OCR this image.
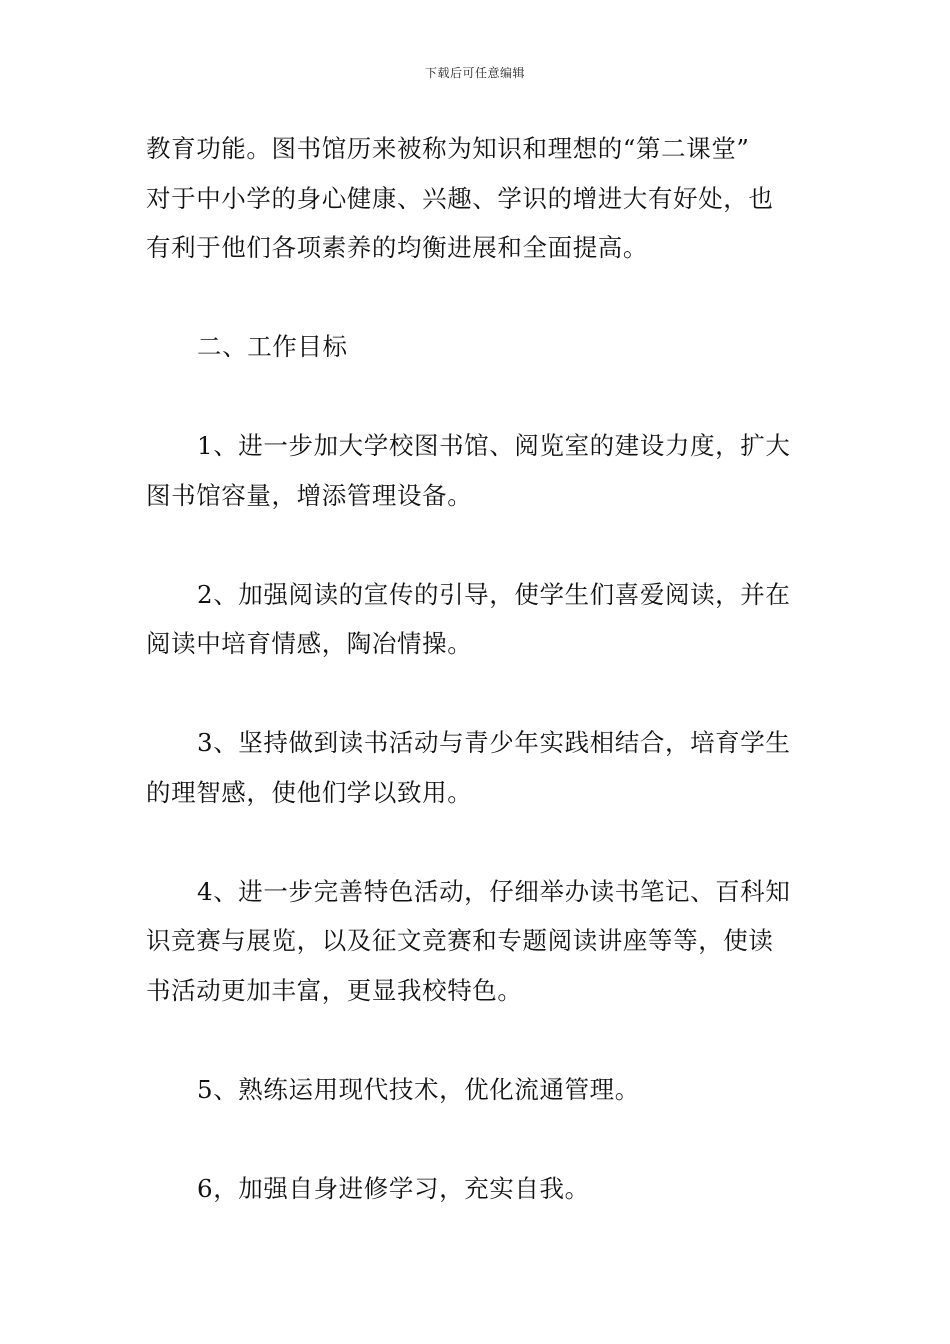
下载后可任意编辑

教育功能。图书馆历来被称为知识和理想的“第二课堂”
对于中小学的身心健康、兴趣、学识的增进大有好处，也
有利于他们各项素养的均衡进展和全面提高。

二、工作目标

1、进一步加大学校图书馆、阅览室的建设力度，扩大
图书馆容量，增添管理设备。

2、加强阅读的宣传的引导，使学生们喜爱阅读，并在
阅读中培育情感，陶冶情操。

3、坚持做到读书活动与青少年实践相结合，培育学生
的理智感，使他们学以致用。

4、进一步完善特色活动，仔细举办读书笔记、百科知
识竞赛与展览，以及征文竞赛和专题阅读讲座等等，使读
书活动更加丰富，更显我校特色。

5、熟练运用现代技术，优化流通管理。

6，加强自身进修学习，充实自我。
